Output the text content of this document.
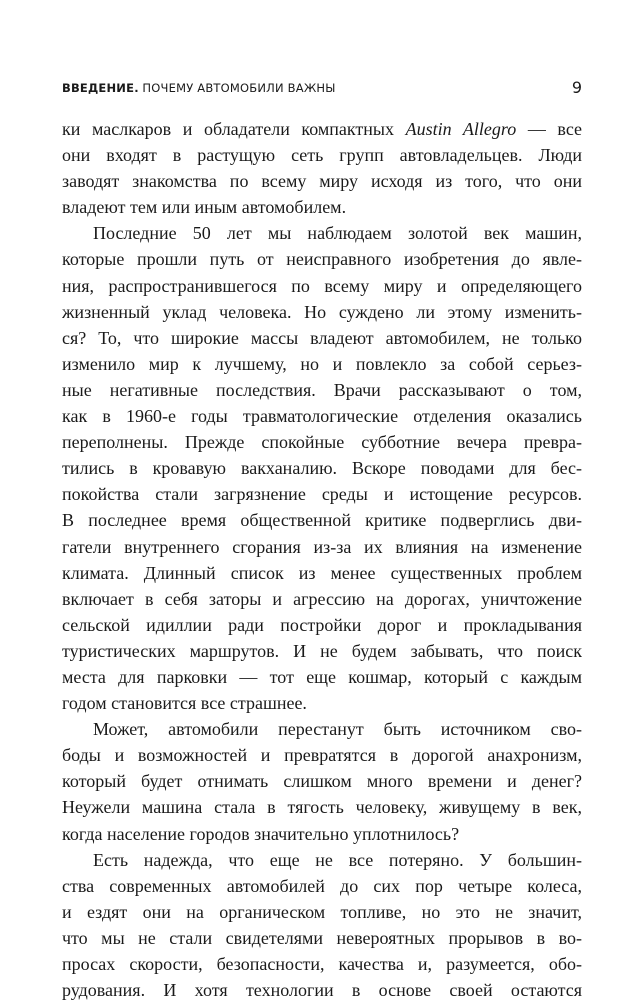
ВВЕДЕНИЕ. ПОЧЕМУ АВТОМОБИЛИ ВАЖНЫ	9
ки маслкаров и обладатели компактных Austin Allegro — все
они входят в растущую сеть групп автовладельцев. Люди
заводят знакомства по всему миру исходя из того, что они
владеют тем или иным автомобилем.
Последние 50 лет мы наблюдаем золотой век машин,
которые прошли путь от неисправного изобретения до явле-
ния, распространившегося по всему миру и определяющего
жизненный уклад человека. Но суждено ли этому изменить-
ся? То, что широкие массы владеют автомобилем, не только
изменило мир к лучшему, но и повлекло за собой серьез-
ные негативные последствия. Врачи рассказывают о том,
как в 1960-е годы травматологические отделения оказались
переполнены. Прежде спокойные субботние вечера превра-
тились в кровавую вакханалию. Вскоре поводами для бес-
покойства стали загрязнение среды и истощение ресурсов.
В последнее время общественной критике подверглись дви-
гатели внутреннего сгорания из-за их влияния на изменение
климата. Длинный список из менее существенных проблем
включает в себя заторы и агрессию на дорогах, уничтожение
сельской идиллии ради постройки дорог и прокладывания
туристических маршрутов. И не будем забывать, что поиск
места для парковки — тот еще кошмар, который с каждым
годом становится все страшнее.
Может, автомобили перестанут быть источником сво-
боды и возможностей и превратятся в дорогой анахронизм,
который будет отнимать слишком много времени и денег?
Неужели машина стала в тягость человеку, живущему в век,
когда население городов значительно уплотнилось?
Есть надежда, что еще не все потеряно. У большин-
ства современных автомобилей до сих пор четыре колеса,
и ездят они на органическом топливе, но это не значит,
что мы не стали свидетелями невероятных прорывов в во-
просах скорости, безопасности, качества и, разумеется, обо-
рудования. И хотя технологии в основе своей остаются
